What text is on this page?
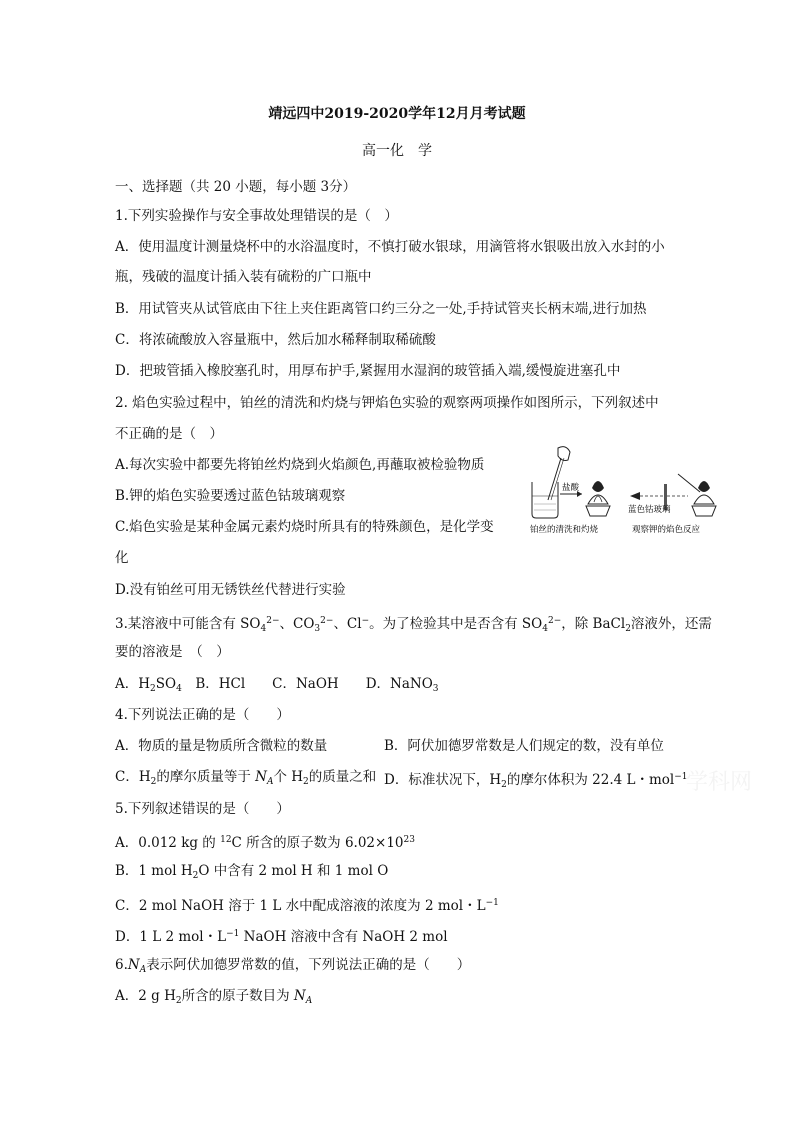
靖远四中2019-2020学年12月月考试题
高一化　学
一、选择题（共 20 小题，每小题 3分）
1.下列实验操作与安全事故处理错误的是（　）
A．使用温度计测量烧杯中的水浴温度时，不慎打破水银球，用滴管将水银吸出放入水封的小
瓶，残破的温度计插入装有硫粉的广口瓶中
B．用试管夹从试管底由下往上夹住距离管口约三分之一处,手持试管夹长柄末端,进行加热
C．将浓硫酸放入容量瓶中，然后加水稀释制取稀硫酸
D．把玻管插入橡胶塞孔时，用厚布护手,紧握用水湿润的玻管插入端,缓慢旋进塞孔中
2. 焰色实验过程中，铂丝的清洗和灼烧与钾焰色实验的观察两项操作如图所示，下列叙述中
不正确的是（　）
A.每次实验中都要先将铂丝灼烧到火焰颜色,再蘸取被检验物质
B.钾的焰色实验要透过蓝色钴玻璃观察
C.焰色实验是某种金属元素灼烧时所具有的特殊颜色，是化学变
化
D.没有铂丝可用无锈铁丝代替进行实验
盐酸
蓝色钴玻璃
铂丝的清洗和灼烧	观察钾的焰色反应
3.某溶液中可能含有 $SO_4^{2-}$、$CO_3^{2-}$、Cl−。为了检验其中是否含有 $SO_4^{2-}$，除 BaCl$_2$溶液外，还需
要的溶液是　（　）
A．$H_2SO_4$　B．HCl　　C．NaOH　　D．NaNO$_3$
4.下列说法正确的是（　　）
A．物质的量是物质所含微粒的数量	B．阿伏加德罗常数是人们规定的数，没有单位
C．$H_2$的摩尔质量等于 $N_A$个 $H_2$的质量之和 D．标准状况下，$H_2$的摩尔体积为 22.4 L・mol$^{-1}$
学科网
5.下列叙述错误的是（　　）
A．0.012 kg 的 $^{12}$C 所含的原子数为 $6.02\times 10^{23}$
B．1 mol $H_2O$ 中含有 2 mol H 和 1 mol O
C．2 mol NaOH 溶于 1 L 水中配成溶液的浓度为 2 mol・$L^{-1}$
D．1 L 2 mol・$L^{-1}$ NaOH 溶液中含有 NaOH 2 mol
$6.N_A$表示阿伏加德罗常数的值，下列说法正确的是（　　）
A．2 g $H_2$所含的原子数目为 $N_A$
